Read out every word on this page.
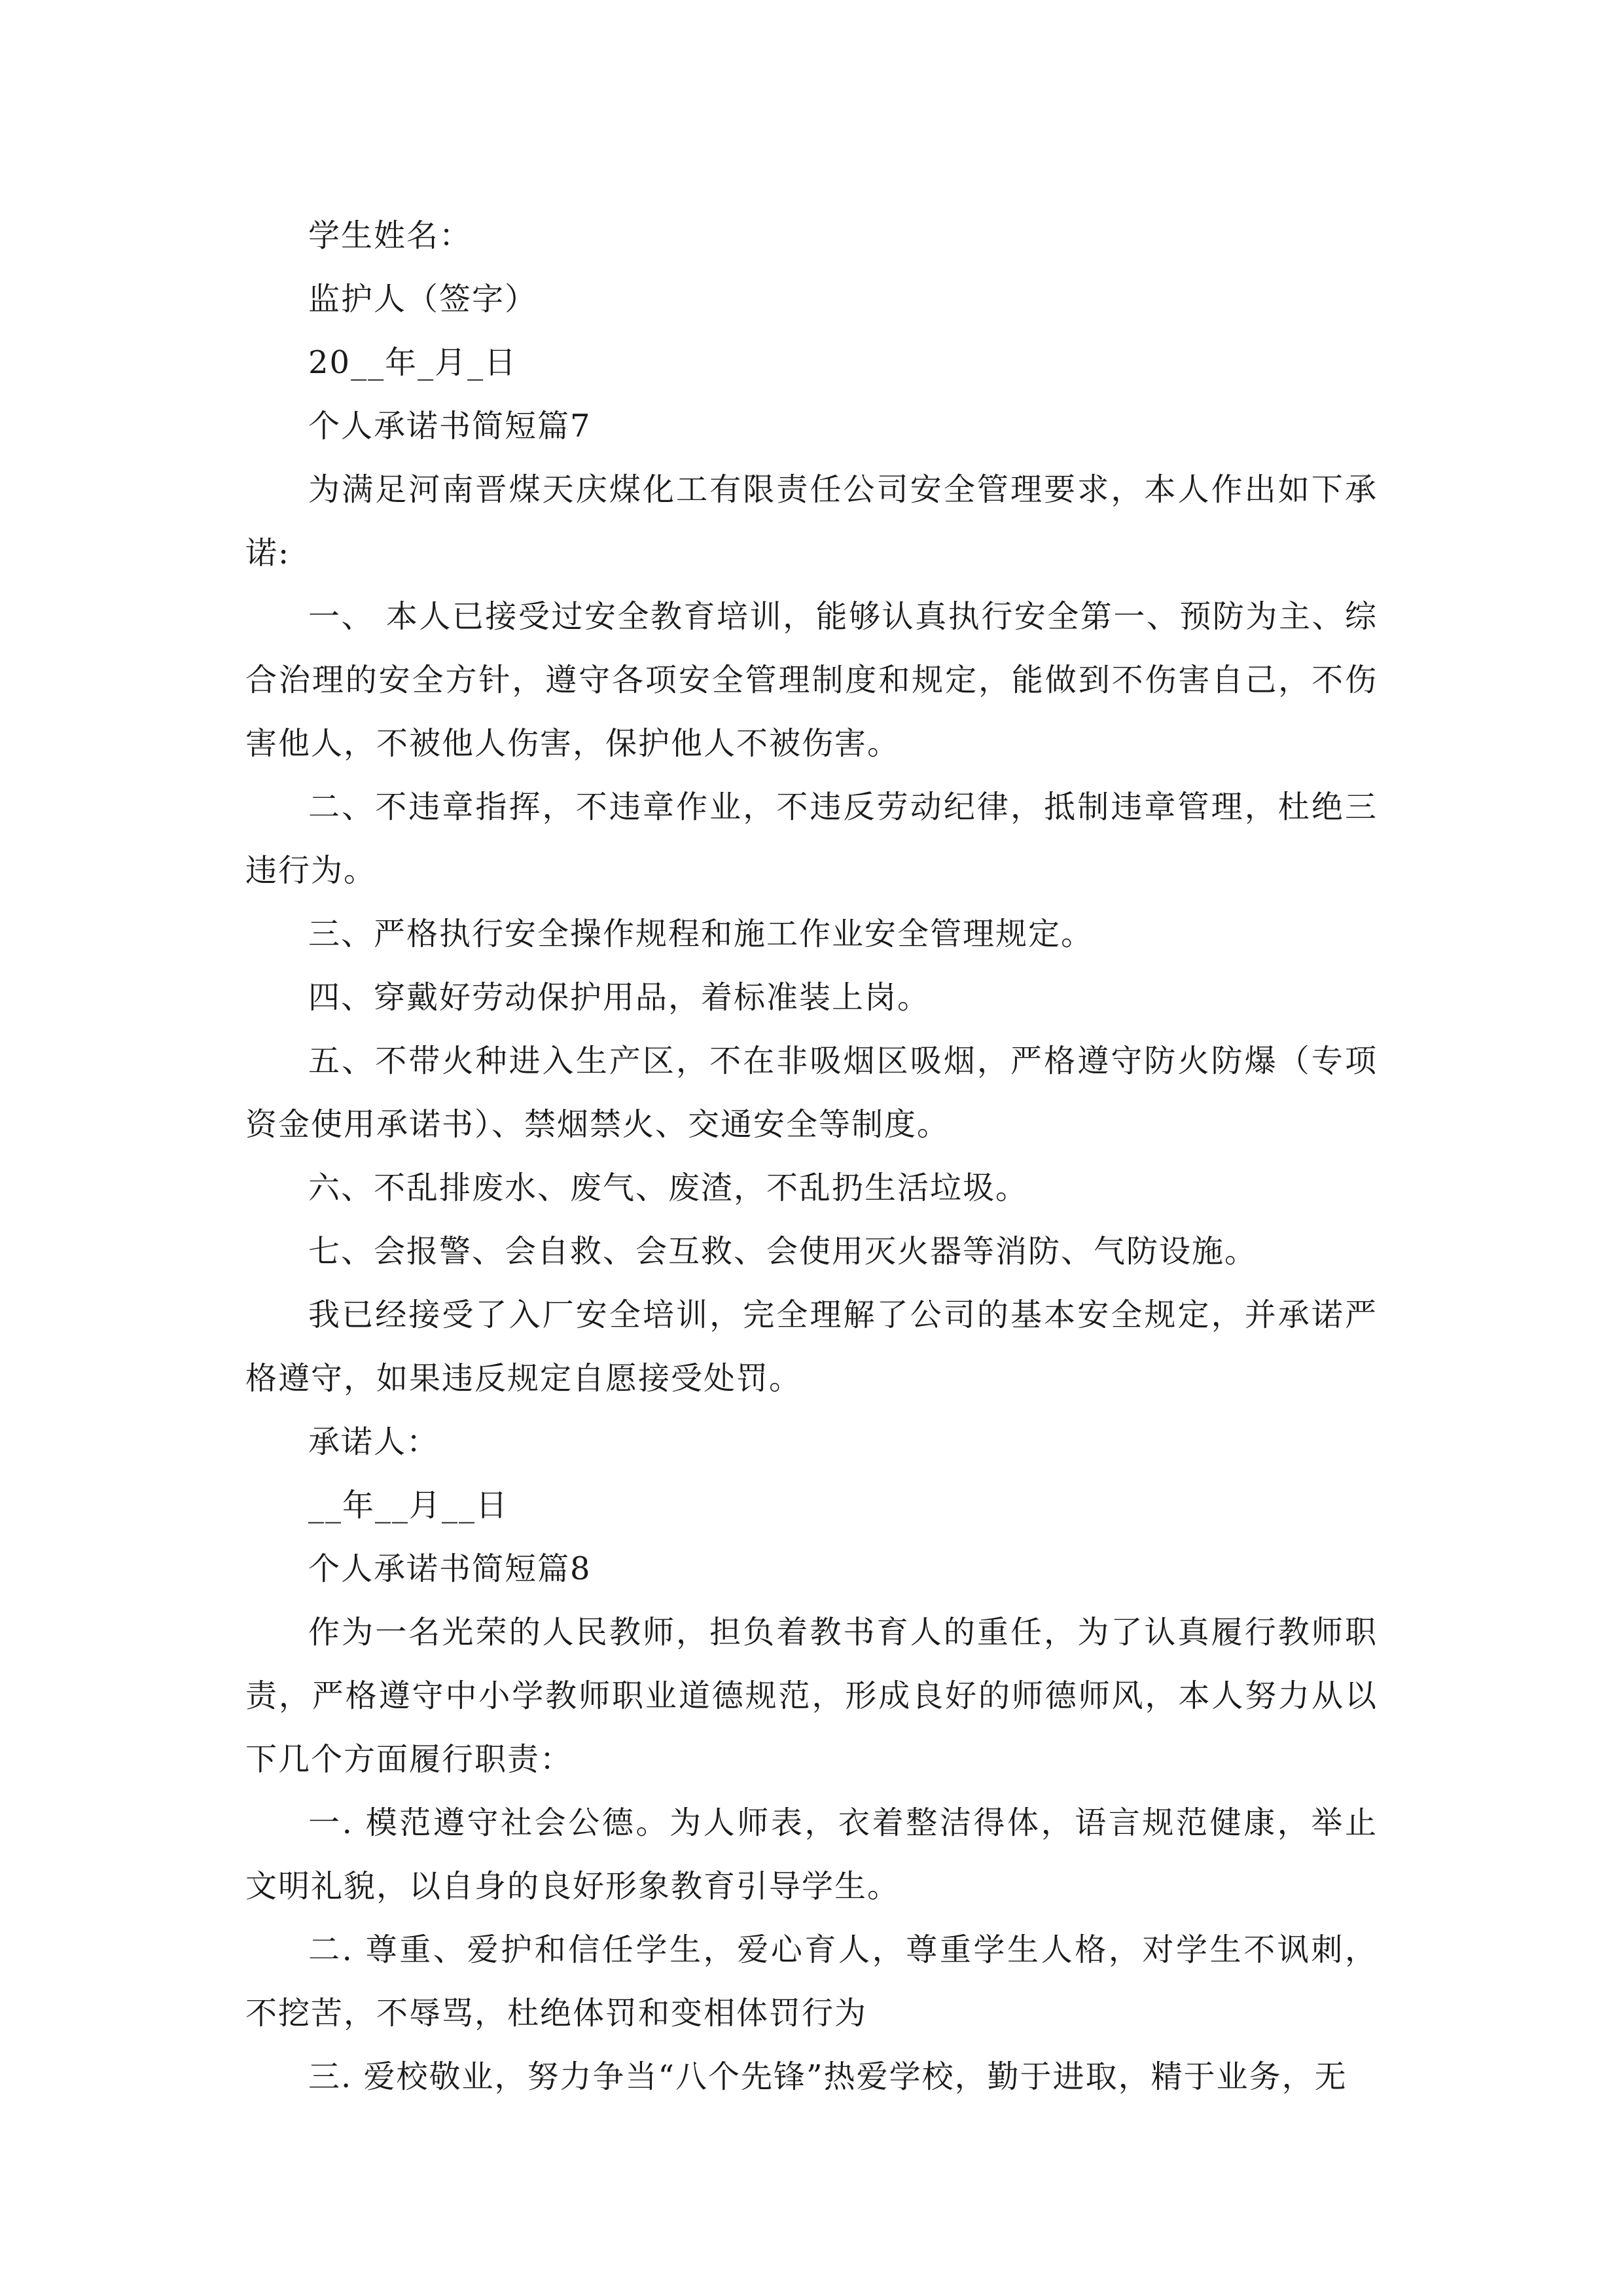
学生姓名：

监护人（签字）

20__年_月_日

个人承诺书简短篇7

为满足河南晋煤天庆煤化工有限责任公司安全管理要求，本人作出如下承诺:

一、 本人已接受过安全教育培训，能够认真执行安全第一、预防为主、综合治理的安全方针，遵守各项安全管理制度和规定，能做到不伤害自己，不伤害他人，不被他人伤害，保护他人不被伤害。

二、不违章指挥，不违章作业，不违反劳动纪律，抵制违章管理，杜绝三违行为。

三、严格执行安全操作规程和施工作业安全管理规定。

四、穿戴好劳动保护用品，着标准装上岗。

五、不带火种进入生产区，不在非吸烟区吸烟，严格遵守防火防爆（专项资金使用承诺书）、禁烟禁火、交通安全等制度。

六、不乱排废水、废气、废渣，不乱扔生活垃圾。

七、会报警、会自救、会互救、会使用灭火器等消防、气防设施。

我已经接受了入厂安全培训，完全理解了公司的基本安全规定，并承诺严格遵守，如果违反规定自愿接受处罚。

承诺人：

__年__月__日

个人承诺书简短篇8

作为一名光荣的人民教师，担负着教书育人的重任，为了认真履行教师职责，严格遵守中小学教师职业道德规范，形成良好的师德师风，本人努力从以下几个方面履行职责：

一. 模范遵守社会公德。为人师表，衣着整洁得体，语言规范健康，举止文明礼貌，以自身的良好形象教育引导学生。

二. 尊重、爱护和信任学生，爱心育人，尊重学生人格，对学生不讽刺，不挖苦，不辱骂，杜绝体罚和变相体罚行为

三. 爱校敬业，努力争当“八个先锋”热爱学校，勤于进取，精于业务，无
